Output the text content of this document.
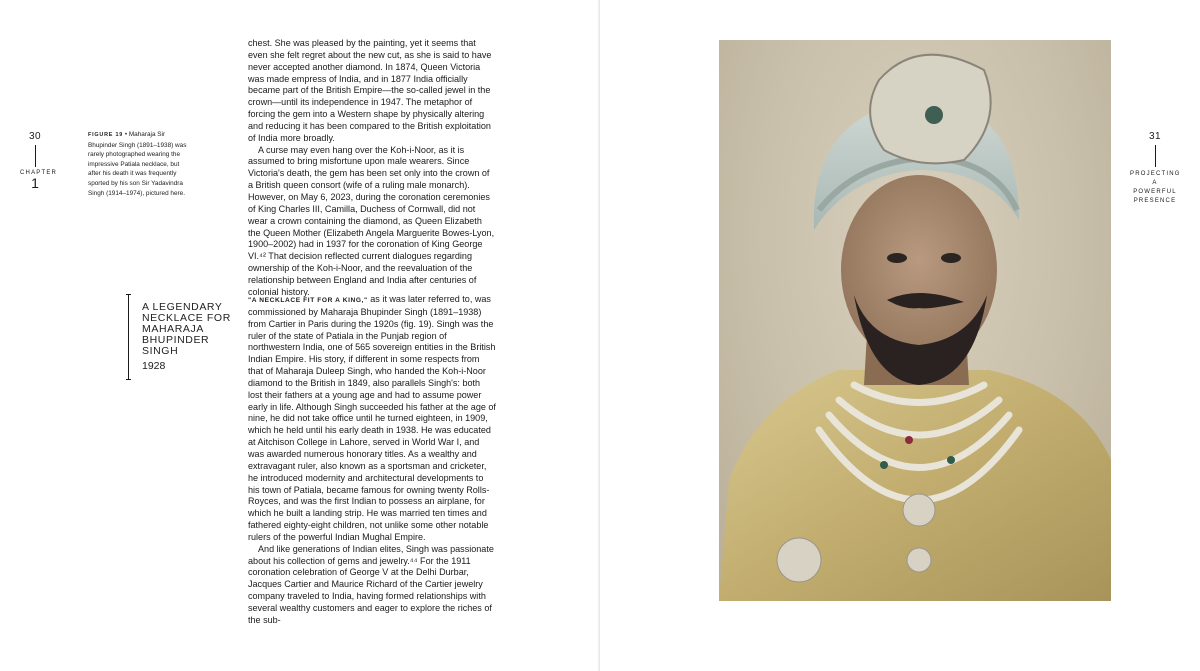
30
CHAPTER
1
FIGURE 19 • Maharaja Sir Bhupinder Singh (1891–1938) was rarely photographed wearing the impressive Patiala necklace, but after his death it was frequently sported by his son Sir Yadavindra Singh (1914–1974), pictured here.

chest. She was pleased by the painting, yet it seems that even she felt regret about the new cut, as she is said to have never accepted another diamond. In 1874, Queen Victoria was made empress of India, and in 1877 India officially became part of the British Empire—the so-called jewel in the crown—until its independence in 1947. The metaphor of forcing the gem into a Western shape by physically altering and reducing it has been compared to the British exploitation of India more broadly.

A curse may even hang over the Koh-i-Noor, as it is assumed to bring misfortune upon male wearers. Since Victoria's death, the gem has been set only into the crown of a British queen consort (wife of a ruling male monarch). However, on May 6, 2023, during the coronation ceremonies of King Charles III, Camilla, Duchess of Cornwall, did not wear a crown containing the diamond, as Queen Elizabeth the Queen Mother (Elizabeth Angela Marguerite Bowes-Lyon, 1900–2002) had in 1937 for the coronation of King George VI.⁴² That decision reflected current dialogues regarding ownership of the Koh-i-Noor, and the reevaluation of the relationship between England and India after centuries of colonial history.

A LEGENDARY NECKLACE FOR MAHARAJA BHUPINDER SINGH
1928

"A NECKLACE FIT FOR A KING," as it was later referred to, was commissioned by Maharaja Bhupinder Singh (1891–1938) from Cartier in Paris during the 1920s (fig. 19). Singh was the ruler of the state of Patiala in the Punjab region of northwestern India, one of 565 sovereign entities in the British Indian Empire. His story, if different in some respects from that of Maharaja Duleep Singh, who handed the Koh-i-Noor diamond to the British in 1849, also parallels Singh's: both lost their fathers at a young age and had to assume power early in life. Although Singh succeeded his father at the age of nine, he did not take office until he turned eighteen, in 1909, which he held until his early death in 1938. He was educated at Aitchison College in Lahore, served in World War I, and was awarded numerous honorary titles. As a wealthy and extravagant ruler, also known as a sportsman and cricketer, he introduced modernity and architectural developments to his town of Patiala, became famous for owning twenty Rolls-Royces, and was the first Indian to possess an airplane, for which he built a landing strip. He was married ten times and fathered eighty-eight children, not unlike some other notable rulers of the powerful Indian Mughal Empire.

And like generations of Indian elites, Singh was passionate about his collection of gems and jewelry.⁴⁴ For the 1911 coronation celebration of George V at the Delhi Durbar, Jacques Cartier and Maurice Richard of the Cartier jewelry company traveled to India, having formed relationships with several wealthy customers and eager to explore the riches of the sub-

31
PROJECTING
A
POWERFUL
PRESENCE
